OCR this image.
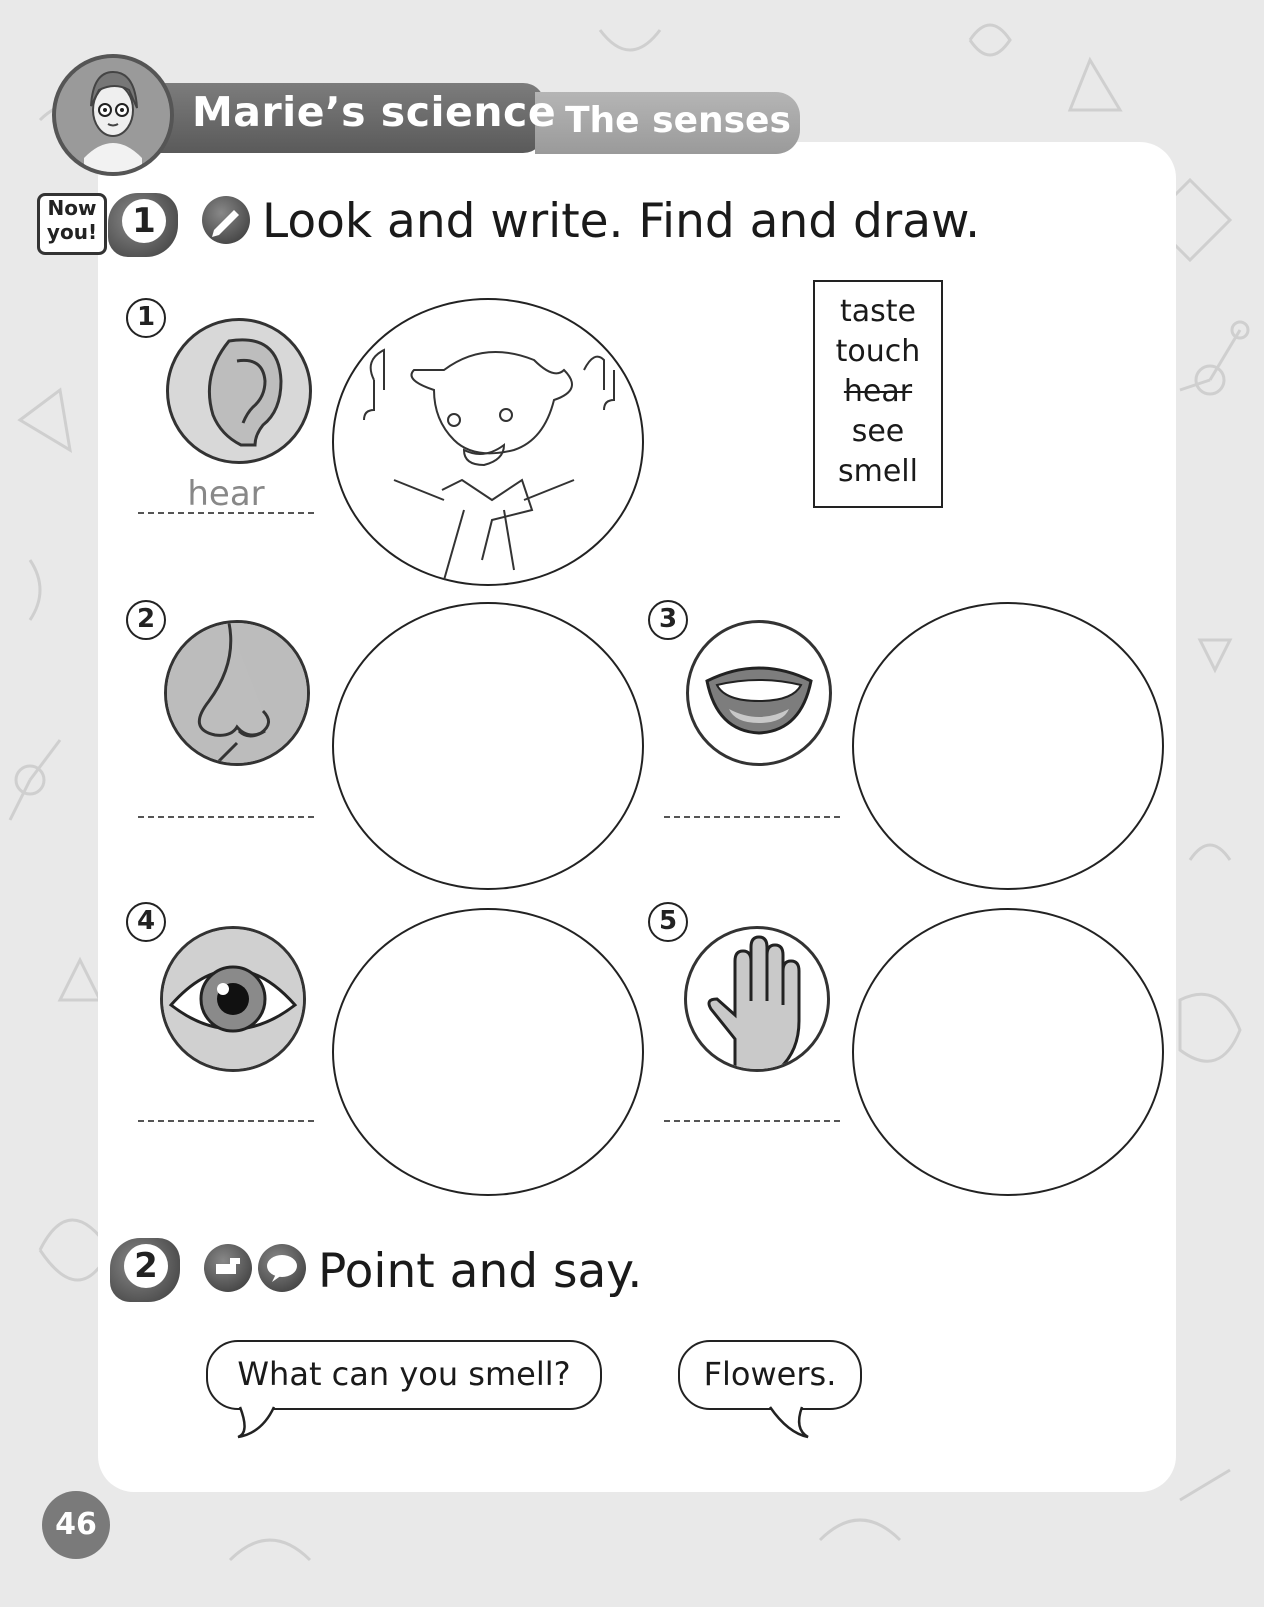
Marie’s science The senses
Now
you! 1 Look and write. Find and draw.
taste
touch
hear
see
smell
1
hear
2	3
4	5
2	Point and say.
What can you smell?	Flowers.
46
